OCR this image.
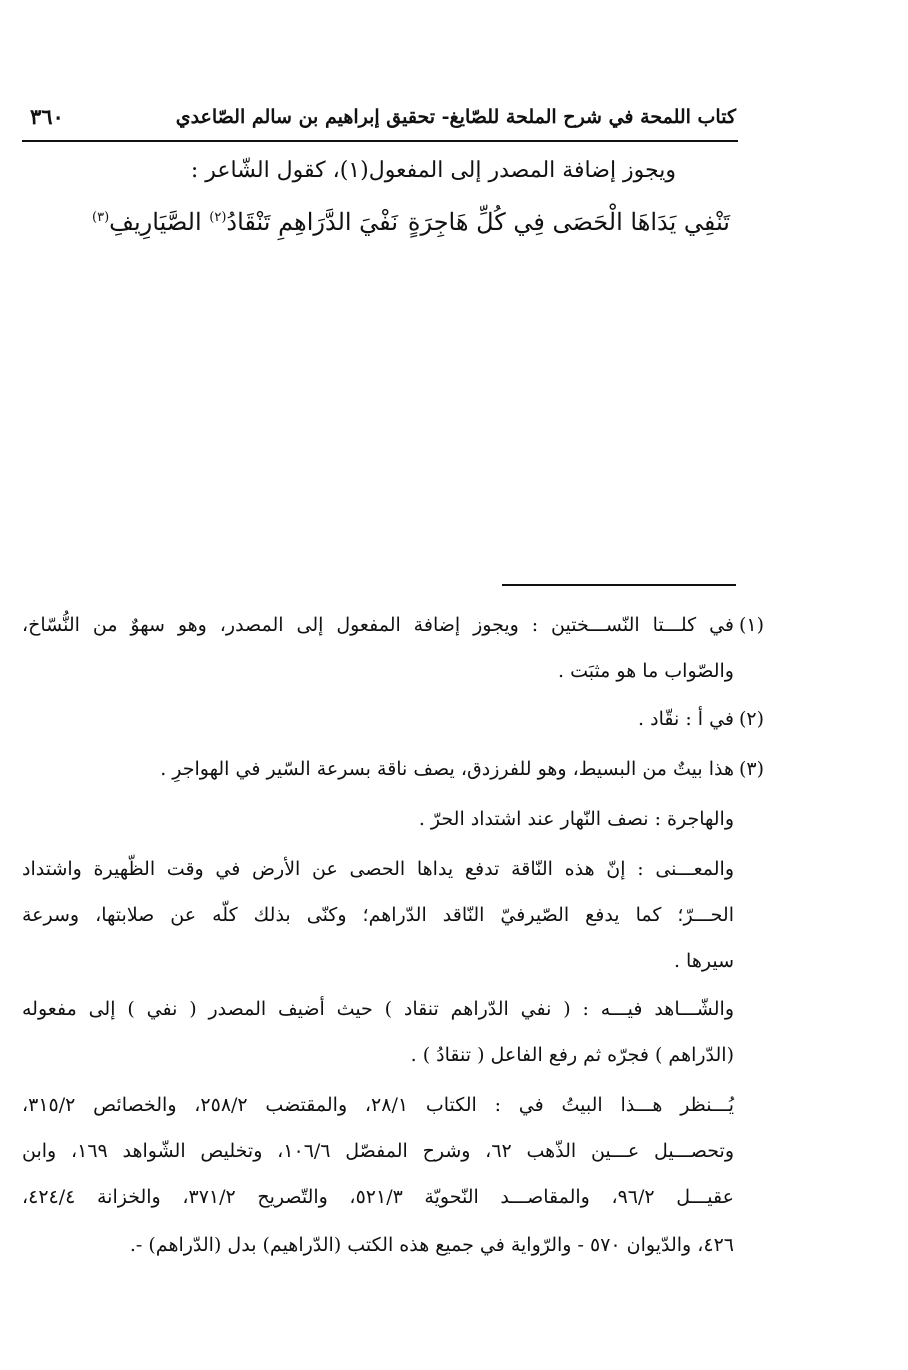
كتاب اللمحة في شرح الملحة للصّايغ- تحقيق إبراهيم بن سالم الصّاعدي
٣٦٠
ويجوز إضافة المصدر إلى المفعول(١)، كقول الشّاعر :
تَنْفِي يَدَاهَا الْحَصَى فِي كُلِّ هَاجِرَةٍ
نَفْيَ الدَّرَاهِمِ تَنْقَادُ$^{(٢)}$ الصَّيَارِيفِ$^{(٣)}$
(١)
في كلـــتا النّســـختين : ويجوز إضافة المفعول إلى المصدر، وهو سهوٌ من النُّسّاخ،
والصّواب ما هو مثبَت .
(٢)
في أ : نقّاد .
(٣)
هذا بيتٌ من البسيط، وهو للفرزدق، يصف ناقة بسرعة السّير في الهواجرِ .
والهاجرة : نصف النّهار عند اشتداد الحرّ .
والمعـــنى : إنّ هذه النّاقة تدفع يداها الحصى عن الأرض في وقت الظّهيرة واشتداد
الحـــرّ؛ كما يدفع الصّيرفيّ النّاقد الدّراهم؛ وكنّى بذلك كلّه عن صلابتها، وسرعة
سيرها .
والشّـــاهد فيـــه : ( نفي الدّراهم تنقاد ) حيث أضيف المصدر ( نفي ) إلى مفعوله
(الدّراهم ) فجرّه ثم رفع الفاعل ( تنقادُ ) .
يُـــنظر هـــذا البيتُ في : الكتاب ٢٨/١، والمقتضب ٢٥٨/٢، والخصائص ٣١٥/٢،
وتحصـــيل عـــين الذّهب ٦٢، وشرح المفصّل ١٠٦/٦، وتخليص الشّواهد ١٦٩، وابن
عقيـــل ٩٦/٢، والمقاصـــد النّحويّة ٥٢١/٣، والتّصريح ٣٧١/٢، والخزانة ٤٢٤/٤،
٤٢٦، والدّيوان ٥٧٠ - والرّواية في جميع هذه الكتب (الدّراهيم) بدل (الدّراهم) -.
